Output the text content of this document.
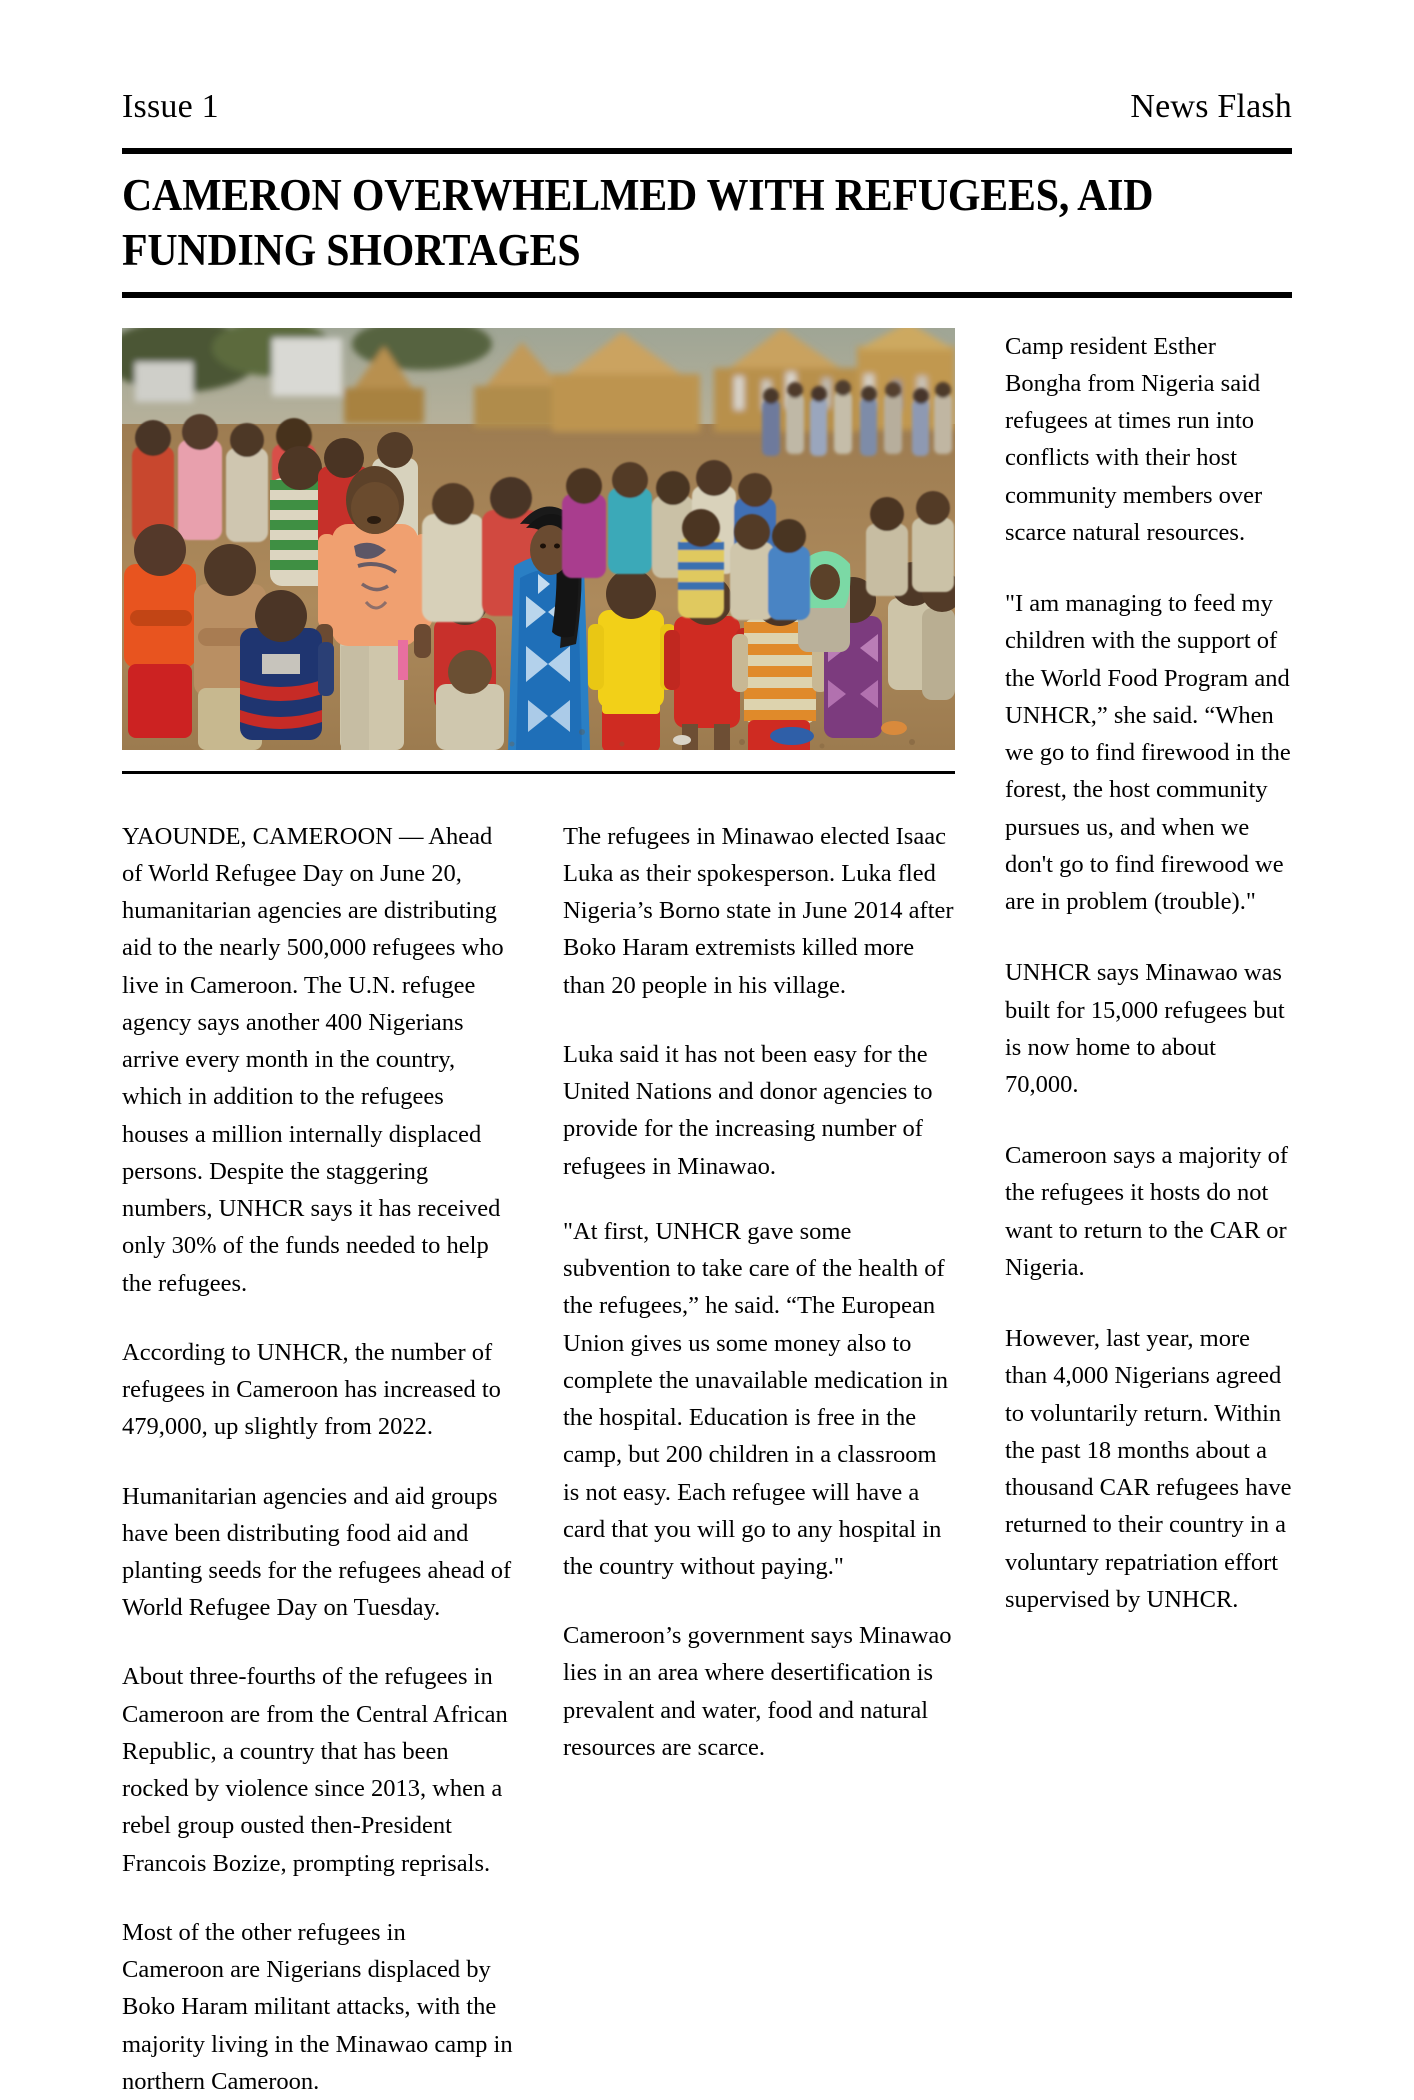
Issue 1	News Flash
CAMERON OVERWHELMED WITH REFUGEES, AID FUNDING SHORTAGES

YAOUNDE, CAMEROON — Ahead of World Refugee Day on June 20, humanitarian agencies are distributing aid to the nearly 500,000 refugees who live in Cameroon. The U.N. refugee agency says another 400 Nigerians arrive every month in the country, which in addition to the refugees houses a million internally displaced persons. Despite the staggering numbers, UNHCR says it has received only 30% of the funds needed to help the refugees.

According to UNHCR, the number of refugees in Cameroon has increased to 479,000, up slightly from 2022.

Humanitarian agencies and aid groups have been distributing food aid and planting seeds for the refugees ahead of World Refugee Day on Tuesday.

About three-fourths of the refugees in Cameroon are from the Central African Republic, a country that has been rocked by violence since 2013, when a rebel group ousted then-President Francois Bozize, prompting reprisals.

Most of the other refugees in Cameroon are Nigerians displaced by Boko Haram militant attacks, with the majority living in the Minawao camp in northern Cameroon.

The refugees in Minawao elected Isaac Luka as their spokesperson. Luka fled Nigeria’s Borno state in June 2014 after Boko Haram extremists killed more than 20 people in his village.

Luka said it has not been easy for the United Nations and donor agencies to provide for the increasing number of refugees in Minawao.

"At first, UNHCR gave some subvention to take care of the health of the refugees,” he said. “The European Union gives us some money also to complete the unavailable medication in the hospital. Education is free in the camp, but 200 children in a classroom is not easy. Each refugee will have a card that you will go to any hospital in the country without paying."

Cameroon’s government says Minawao lies in an area where desertification is prevalent and water, food and natural resources are scarce.

Camp resident Esther Bongha from Nigeria said refugees at times run into conflicts with their host community members over scarce natural resources.

"I am managing to feed my children with the support of the World Food Program and UNHCR,” she said. “When we go to find firewood in the forest, the host community pursues us, and when we don't go to find firewood we are in problem (trouble)."

UNHCR says Minawao was built for 15,000 refugees but is now home to about 70,000.

Cameroon says a majority of the refugees it hosts do not want to return to the CAR or Nigeria.

However, last year, more than 4,000 Nigerians agreed to voluntarily return. Within the past 18 months about a thousand CAR refugees have returned to their country in a voluntary repatriation effort supervised by UNHCR.
